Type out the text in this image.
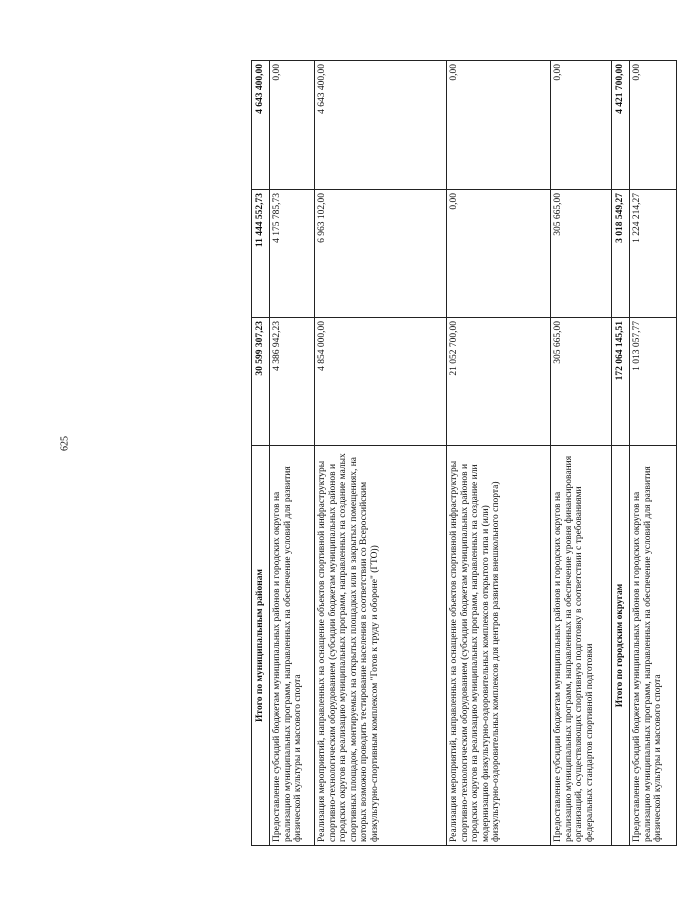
625
Итого по муниципальным районам	30 599 307,23	11 444 552,73	4 643 400,00
Предоставление субсидий бюджетам муниципальных районов и городских округов на реализацию муниципальных программ, направленных на обеспечение условий для развития физической культуры и массового спорта	4 386 942,23	4 175 785,73	0,00
Реализация мероприятий, направленных на оснащение объектов спортивной инфраструктуры спортивно-технологическим оборудованием (субсидии бюджетам муниципальных районов и городских округов на реализацию муниципальных программ, направленных на создание малых спортивных площадок, монтируемых на открытых площадках или в закрытых помещениях, на которых возможно проводить тестирование населения в соответствии со Всероссийским физкультурно-спортивным комплексом "Готов к труду и обороне" (ГТО))	4 854 000,00	6 963 102,00	4 643 400,00
Реализация мероприятий, направленных на оснащение объектов спортивной инфраструктуры спортивно-технологическим оборудованием (субсидии бюджетам муниципальных районов и городских округов на реализацию муниципальных программ, направленных на создание или модернизацию физкультурно-оздоровительных комплексов открытого типа и (или) физкультурно-оздоровительных комплексов для центров развития внешкольного спорта)	21 052 700,00	0,00	0,00
Предоставление субсидии бюджетам муниципальных районов и городских округов на реализацию муниципальных программ, направленных на обеспечение уровня финансирования организаций, осуществляющих спортивную подготовку в соответствии с требованиями федеральных стандартов спортивной подготовки	305 665,00	305 665,00	0,00
Итого по городским округам	172 064 145,51	3 018 549,27	4 421 700,00
Предоставление субсидий бюджетам муниципальных районов и городских округов на реализацию муниципальных программ, направленных на обеспечение условий для развития физической культуры и массового спорта	1 013 057,77	1 224 214,27	0,00
